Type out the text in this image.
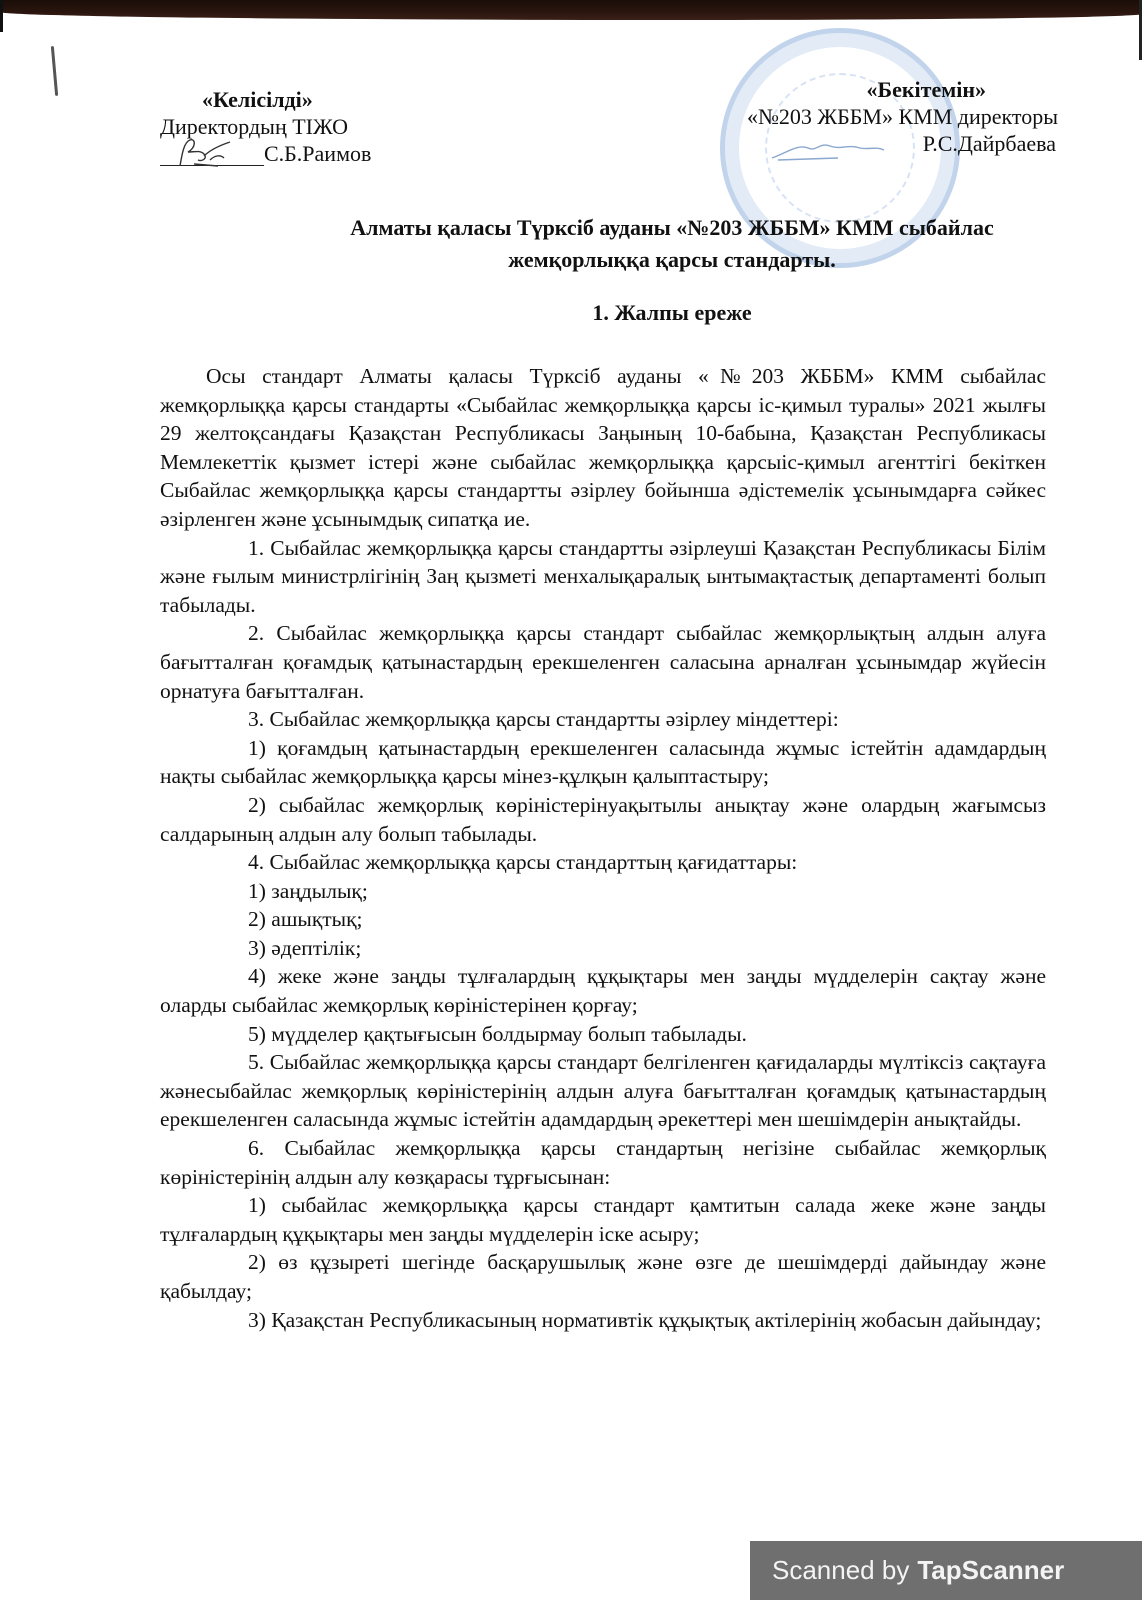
«Келісілді»
Директордың ТІЖО
С.Б.Раимов
«Бекітемін»
«№203 ЖББМ» КММ директоры
Р.С.Дайрбаева
Алматы қаласы Түрксіб ауданы «№203 ЖББМ» КММ сыбайлас
жемқорлыққа қарсы стандарты.
1. Жалпы ереже

Осы стандарт Алматы қаласы Түрксіб ауданы «№203 ЖББМ» КММ сыбайлас жемқорлыққа қарсы стандарты «Сыбайлас жемқорлыққа қарсы іс-қимыл туралы» 2021 жылғы 29 желтоқсандағы Қазақстан Республикасы Заңының 10-бабына, Қазақстан Республикасы Мемлекеттік қызмет істері және сыбайлас жемқорлыққа қарсыіс-қимыл агенттігі бекіткен Сыбайлас жемқорлыққа қарсы стандартты әзірлеу бойынша әдістемелік ұсынымдарға сәйкес әзірленген және ұсынымдық сипатқа ие.

1. Сыбайлас жемқорлыққа қарсы стандартты әзірлеуші Қазақстан Республикасы Білім және ғылым министрлігінің Заң қызметі менхалықаралық ынтымақтастық департаменті болып табылады.

2. Сыбайлас жемқорлыққа қарсы стандарт сыбайлас жемқорлықтың алдын алуға бағытталған қоғамдық қатынастардың ерекшеленген саласына арналған ұсынымдар жүйесін орнатуға бағытталған.

3. Сыбайлас жемқорлыққа қарсы стандартты әзірлеу міндеттері:

1) қоғамдың қатынастардың ерекшеленген саласында жұмыс істейтін адамдардың нақты сыбайлас жемқорлыққа қарсы мінез-құлқын қалыптастыру;

2) сыбайлас жемқорлық көріністерінуақытылы анықтау және олардың жағымсыз салдарының алдын алу болып табылады.

4. Сыбайлас жемқорлыққа қарсы стандарттың қағидаттары:

1) заңдылық;

2) ашықтық;

3) әдептілік;

4) жеке және заңды тұлғалардың құқықтары мен заңды мүдделерін сақтау және оларды сыбайлас жемқорлық көріністерінен қорғау;

5) мүдделер қақтығысын болдырмау болып табылады.

5. Сыбайлас жемқорлыққа қарсы стандарт белгіленген қағидаларды мүлтіксіз сақтауға жәнесыбайлас жемқорлық көріністерінің алдын алуға бағытталған қоғамдық қатынастардың ерекшеленген саласында жұмыс істейтін адамдардың әрекеттері мен шешімдерін анықтайды.

6. Сыбайлас жемқорлыққа қарсы стандартың негізіне сыбайлас жемқорлық көріністерінің алдын алу көзқарасы тұрғысынан:

1) сыбайлас жемқорлыққа қарсы стандарт қамтитын салада жеке және заңды тұлғалардың құқықтары мен заңды мүдделерін іске асыру;

2) өз құзыреті шегінде басқарушылық және өзге де шешімдерді дайындау және қабылдау;

3) Қазақстан Республикасының нормативтік құқықтық актілерінің жобасын дайындау;

Scanned by TapScanner
